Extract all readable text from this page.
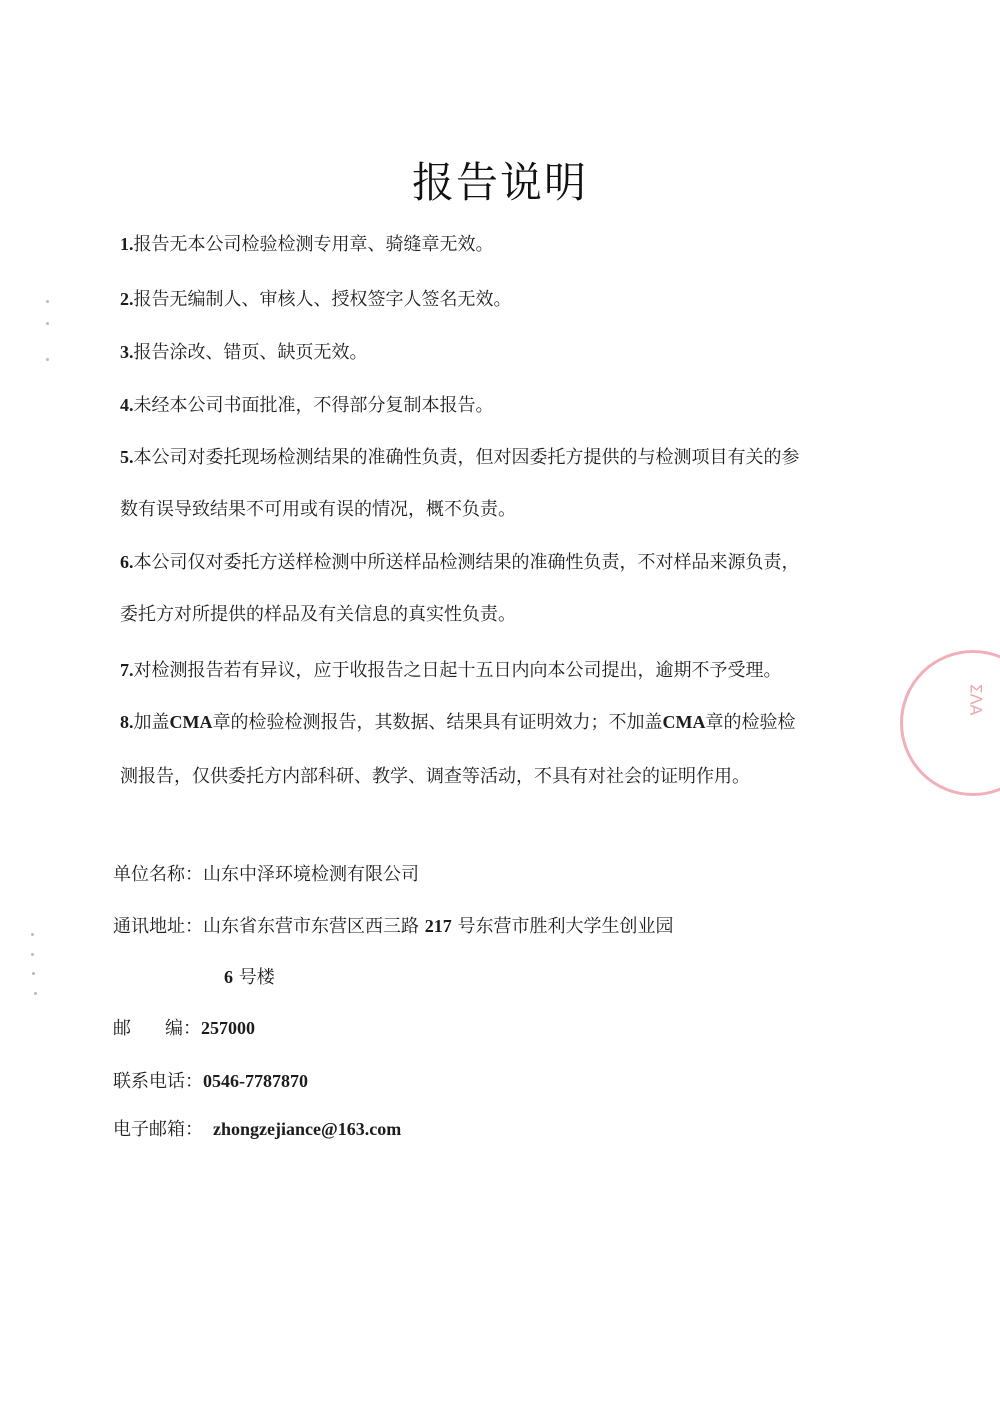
报告说明
1.报告无本公司检验检测专用章、骑缝章无效。
2.报告无编制人、审核人、授权签字人签名无效。
3.报告涂改、错页、缺页无效。
4.未经本公司书面批准，不得部分复制本报告。
5.本公司对委托现场检测结果的准确性负责，但对因委托方提供的与检测项目有关的参
数有误导致结果不可用或有误的情况，概不负责。
6.本公司仅对委托方送样检测中所送样品检测结果的准确性负责，不对样品来源负责，
委托方对所提供的样品及有关信息的真实性负责。
7.对检测报告若有异议，应于收报告之日起十五日内向本公司提出，逾期不予受理。
8.加盖CMA章的检验检测报告，其数据、结果具有证明效力；不加盖CMA章的检验检
测报告，仅供委托方内部科研、教学、调查等活动，不具有对社会的证明作用。
单位名称：山东中泽环境检测有限公司
通讯地址：山东省东营市东营区西三路 217 号东营市胜利大学生创业园
6 号楼
邮 编：257000
联系电话：0546-7787870
电子邮箱： zhongzejiance@163.com
ΣΛΑ
